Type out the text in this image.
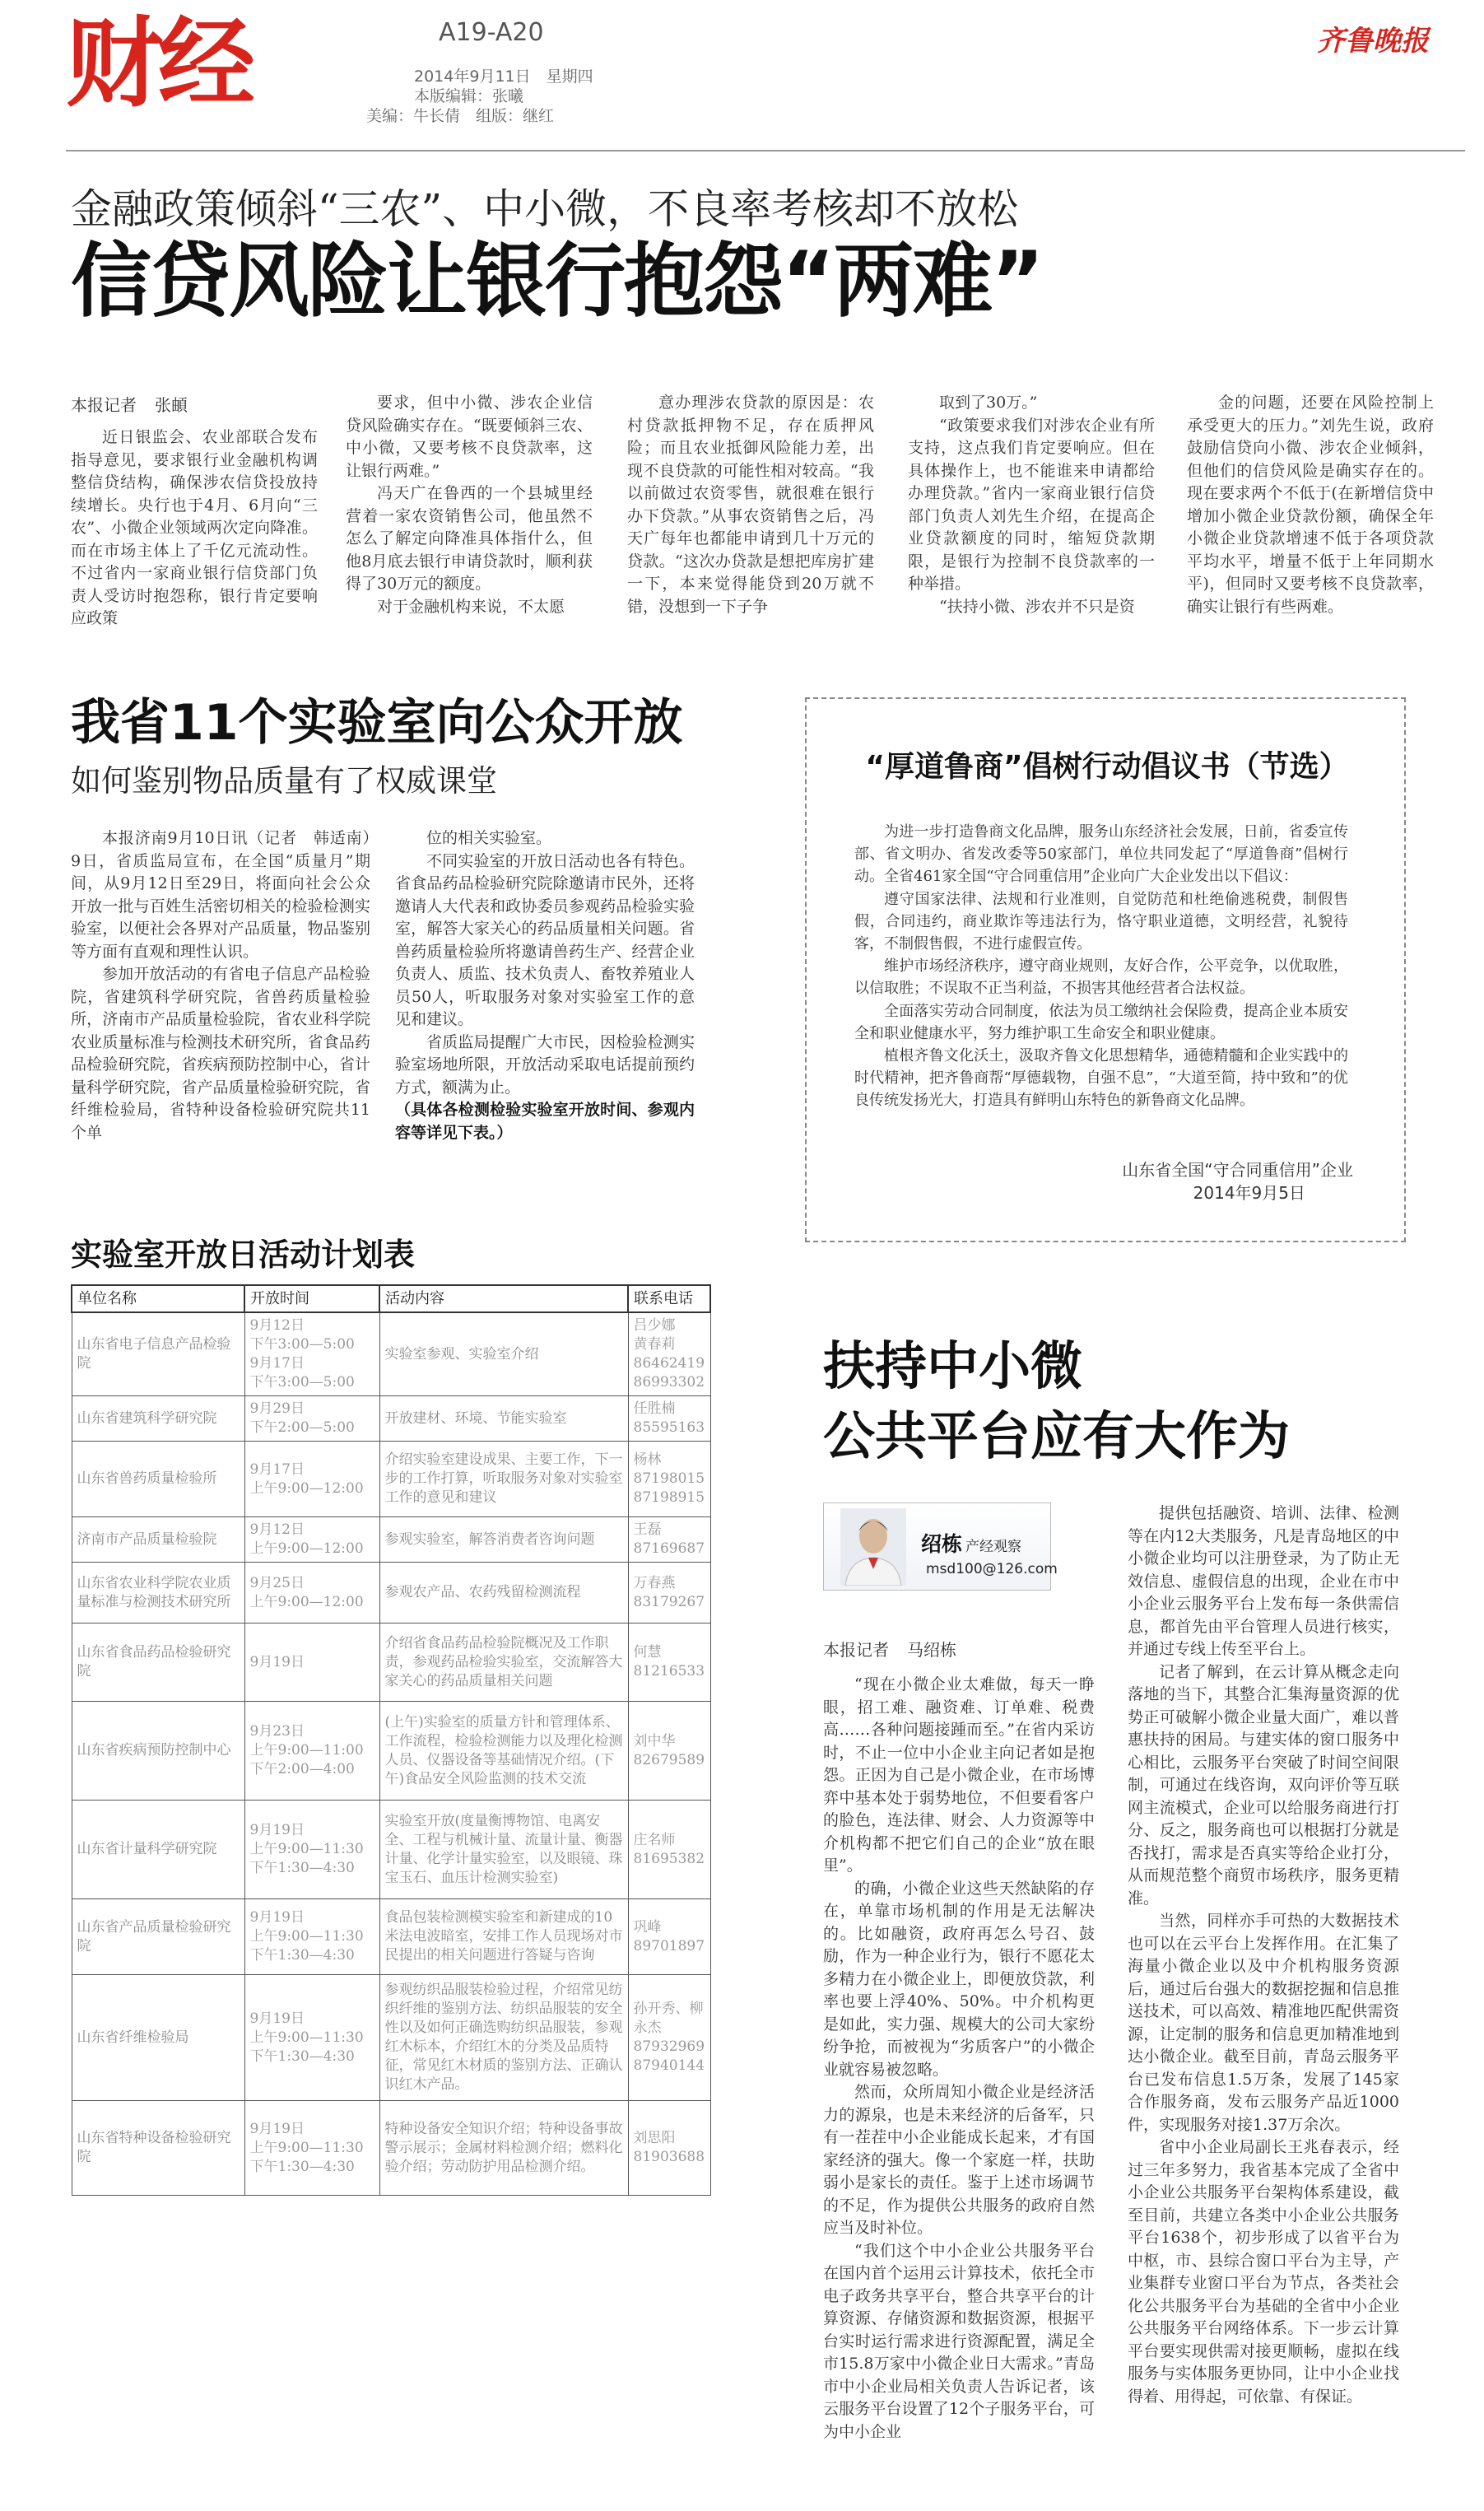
财经	A19-A20
2014年9月11日　星期四
本版编辑：张曦
美编：牛长倩　组版：继红
齐鲁晚报
金融政策倾斜“三农”、中小微，不良率考核却不放松
信贷风险让银行抱怨“两难”
本报记者 张頔

近日银监会、农业部联合发布指导意见，要求银行业金融机构调整信贷结构，确保涉农信贷投放持续增长。央行也于4月、6月向“三农”、小微企业领域两次定向降准。而在市场主体上了千亿元流动性。不过省内一家商业银行信贷部门负责人受访时抱怨称，银行肯定要响应政策

要求，但中小微、涉农企业信贷风险确实存在。“既要倾斜三农、中小微，又要考核不良贷款率，这让银行两难。”

冯天广在鲁西的一个县城里经营着一家农资销售公司，他虽然不怎么了解定向降准具体指什么，但他8月底去银行申请贷款时，顺利获得了30万元的额度。

对于金融机构来说，不太愿

意办理涉农贷款的原因是：农村贷款抵押物不足，存在质押风险；而且农业抵御风险能力差，出现不良贷款的可能性相对较高。“我以前做过农资零售，就很难在银行办下贷款。”从事农资销售之后，冯天广每年也都能申请到几十万元的贷款。“这次办贷款是想把库房扩建一下，本来觉得能贷到20万就不错，没想到一下子争

取到了30万。”

“政策要求我们对涉农企业有所支持，这点我们肯定要响应。但在具体操作上，也不能谁来申请都给办理贷款。”省内一家商业银行信贷部门负责人刘先生介绍，在提高企业贷款额度的同时，缩短贷款期限，是银行为控制不良贷款率的一种举措。

“扶持小微、涉农并不只是资

金的问题，还要在风险控制上承受更大的压力。”刘先生说，政府鼓励信贷向小微、涉农企业倾斜，但他们的信贷风险是确实存在的。现在要求两个不低于(在新增信贷中增加小微企业贷款份额，确保全年小微企业贷款增速不低于各项贷款平均水平，增量不低于上年同期水平)，但同时又要考核不良贷款率，确实让银行有些两难。

我省11个实验室向公众开放
如何鉴别物品质量有了权威课堂

本报济南9月10日讯（记者　韩适南）　9日，省质监局宣布，在全国“质量月”期间，从9月12日至29日，将面向社会公众开放一批与百姓生活密切相关的检验检测实验室，以便社会各界对产品质量，物品鉴别等方面有直观和理性认识。

参加开放活动的有省电子信息产品检验院，省建筑科学研究院，省兽药质量检验所，济南市产品质量检验院，省农业科学院农业质量标准与检测技术研究所，省食品药品检验研究院，省疾病预防控制中心，省计量科学研究院，省产品质量检验研究院，省纤维检验局，省特种设备检验研究院共11个单

位的相关实验室。

不同实验室的开放日活动也各有特色。省食品药品检验研究院除邀请市民外，还将邀请人大代表和政协委员参观药品检验实验室，解答大家关心的药品质量相关问题。省兽药质量检验所将邀请兽药生产、经营企业负责人、质监、技术负责人、畜牧养殖业人员50人，听取服务对象对实验室工作的意见和建议。

省质监局提醒广大市民，因检验检测实验室场地所限，开放活动采取电话提前预约方式，额满为止。

（具体各检测检验实验室开放时间、参观内容等详见下表。）
“厚道鲁商”倡树行动倡议书（节选）

为进一步打造鲁商文化品牌，服务山东经济社会发展，日前，省委宣传部、省文明办、省发改委等50家部门，单位共同发起了“厚道鲁商”倡树行动。全省461家全国“守合同重信用”企业向广大企业发出以下倡议：

遵守国家法律、法规和行业准则，自觉防范和杜绝偷逃税费，制假售假，合同违约，商业欺诈等违法行为，恪守职业道德，文明经营，礼貌待客，不制假售假，不进行虚假宣传。

维护市场经济秩序，遵守商业规则，友好合作，公平竞争，以优取胜，以信取胜；不误取不正当利益，不损害其他经营者合法权益。

全面落实劳动合同制度，依法为员工缴纳社会保险费，提高企业本质安全和职业健康水平，努力维护职工生命安全和职业健康。

植根齐鲁文化沃土，汲取齐鲁文化思想精华，通德精髓和企业实践中的时代精神，把齐鲁商帮“厚德载物，自强不息”，“大道至简，持中致和”的优良传统发扬光大，打造具有鲜明山东特色的新鲁商文化品牌。

山东省全国“守合同重信用”企业
2014年9月5日
实验室开放日活动计划表
单位名称	开放时间	活动内容	联系电话
山东省电子信息产品检验院	9月12日
下午3:00—5:00
9月17日
下午3:00—5:00	实验室参观、实验室介绍	吕少娜
黄春莉
86462419
86993302
山东省建筑科学研究院	9月29日
下午2:00—5:00	开放建材、环境、节能实验室	任胜楠
85595163
山东省兽药质量检验所	9月17日
上午9:00—12:00	介绍实验室建设成果、主要工作，下一步的工作打算，听取服务对象对实验室工作的意见和建议	杨林
87198015
87198915
济南市产品质量检验院	9月12日
上午9:00—12:00	参观实验室，解答消费者咨询问题	王磊
87169687
山东省农业科学院农业质量标准与检测技术研究所	9月25日
上午9:00—12:00	参观农产品、农药残留检测流程	万春燕
83179267
山东省食品药品检验研究院	9月19日	介绍省食品药品检验院概况及工作职责，参观药品检验实验室，交流解答大家关心的药品质量相关问题	何慧
81216533
山东省疾病预防控制中心	9月23日
上午9:00—11:00
下午2:00—4:00	(上午)实验室的质量方针和管理体系、工作流程，检验检测能力以及理化检测人员、仪器设备等基础情况介绍。(下午)食品安全风险监测的技术交流	刘中华
82679589
山东省计量科学研究院	9月19日
上午9:00—11:30
下午1:30—4:30	实验室开放(度量衡博物馆、电离安全、工程与机械计量、流量计量、衡器计量、化学计量实验室，以及眼镜、珠宝玉石、血压计检测实验室)	庄名师
81695382
山东省产品质量检验研究院	9月19日
上午9:00—11:30
下午1:30—4:30	食品包装检测模实验室和新建成的10米法电波暗室，安排工作人员现场对市民提出的相关问题进行答疑与咨询	巩峰
89701897
山东省纤维检验局	9月19日
上午9:00—11:30
下午1:30—4:30	参观纺织品服装检验过程，介绍常见纺织纤维的鉴别方法、纺织品服装的安全性以及如何正确选购纺织品服装，参观红木标本，介绍红木的分类及品质特征，常见红木材质的鉴别方法、正确认识红木产品。	孙开秀、柳永杰
87932969
87940144
山东省特种设备检验研究院	9月19日
上午9:00—11:30
下午1:30—4:30	特种设备安全知识介绍；特种设备事故警示展示；金属材料检测介绍；燃料化验介绍；劳动防护用品检测介绍。	刘思阳
81903688
扶持中小微
公共平台应有大作为
绍栋 产经观察
msd100@126.com
本报记者 马绍栋

“现在小微企业太难做，每天一睁眼，招工难、融资难、订单难、税费高……各种问题接踵而至。”在省内采访时，不止一位中小企业主向记者如是抱怨。正因为自己是小微企业，在市场博弈中基本处于弱势地位，不但要看客户的脸色，连法律、财会、人力资源等中介机构都不把它们自己的企业“放在眼里”。

的确，小微企业这些天然缺陷的存在，单靠市场机制的作用是无法解决的。比如融资，政府再怎么号召、鼓励，作为一种企业行为，银行不愿花太多精力在小微企业上，即便放贷款，利率也要上浮40%、50%。中介机构更是如此，实力强、规模大的公司大家纷纷争抢，而被视为“劣质客户”的小微企业就容易被忽略。

然而，众所周知小微企业是经济活力的源泉，也是未来经济的后备军，只有一茬茬中小企业能成长起来，才有国家经济的强大。像一个家庭一样，扶助弱小是家长的责任。鉴于上述市场调节的不足，作为提供公共服务的政府自然应当及时补位。

“我们这个中小企业公共服务平台在国内首个运用云计算技术，依托全市电子政务共享平台，整合共享平台的计算资源、存储资源和数据资源，根据平台实时运行需求进行资源配置，满足全市15.8万家中小微企业日大需求。”青岛市中小企业局相关负责人告诉记者，该云服务平台设置了12个子服务平台，可为中小企业

提供包括融资、培训、法律、检测等在内12大类服务，凡是青岛地区的中小微企业均可以注册登录，为了防止无效信息、虚假信息的出现，企业在市中小企业云服务平台上发布每一条供需信息，都首先由平台管理人员进行核实，并通过专线上传至平台上。

记者了解到，在云计算从概念走向落地的当下，其整合汇集海量资源的优势正可破解小微企业量大面广，难以普惠扶持的困局。与建实体的窗口服务中心相比，云服务平台突破了时间空间限制，可通过在线咨询，双向评价等互联网主流模式，企业可以给服务商进行打分、反之，服务商也可以根据打分就是否找打，需求是否真实等给企业打分，从而规范整个商贸市场秩序，服务更精准。

当然，同样亦手可热的大数据技术也可以在云平台上发挥作用。在汇集了海量小微企业以及中介机构服务资源后，通过后台强大的数据挖掘和信息推送技术，可以高效、精准地匹配供需资源，让定制的服务和信息更加精准地到达小微企业。截至目前，青岛云服务平台已发布信息1.5万条，发展了145家合作服务商，发布云服务产品近1000件，实现服务对接1.37万余次。

省中小企业局副长王兆春表示，经过三年多努力，我省基本完成了全省中小企业公共服务平台架构体系建设，截至目前，共建立各类中小企业公共服务平台1638个，初步形成了以省平台为中枢，市、县综合窗口平台为主导，产业集群专业窗口平台为节点，各类社会化公共服务平台为基础的全省中小企业公共服务平台网络体系。下一步云计算平台要实现供需对接更顺畅，虚拟在线服务与实体服务更协同，让中小企业找得着、用得起，可依靠、有保证。
